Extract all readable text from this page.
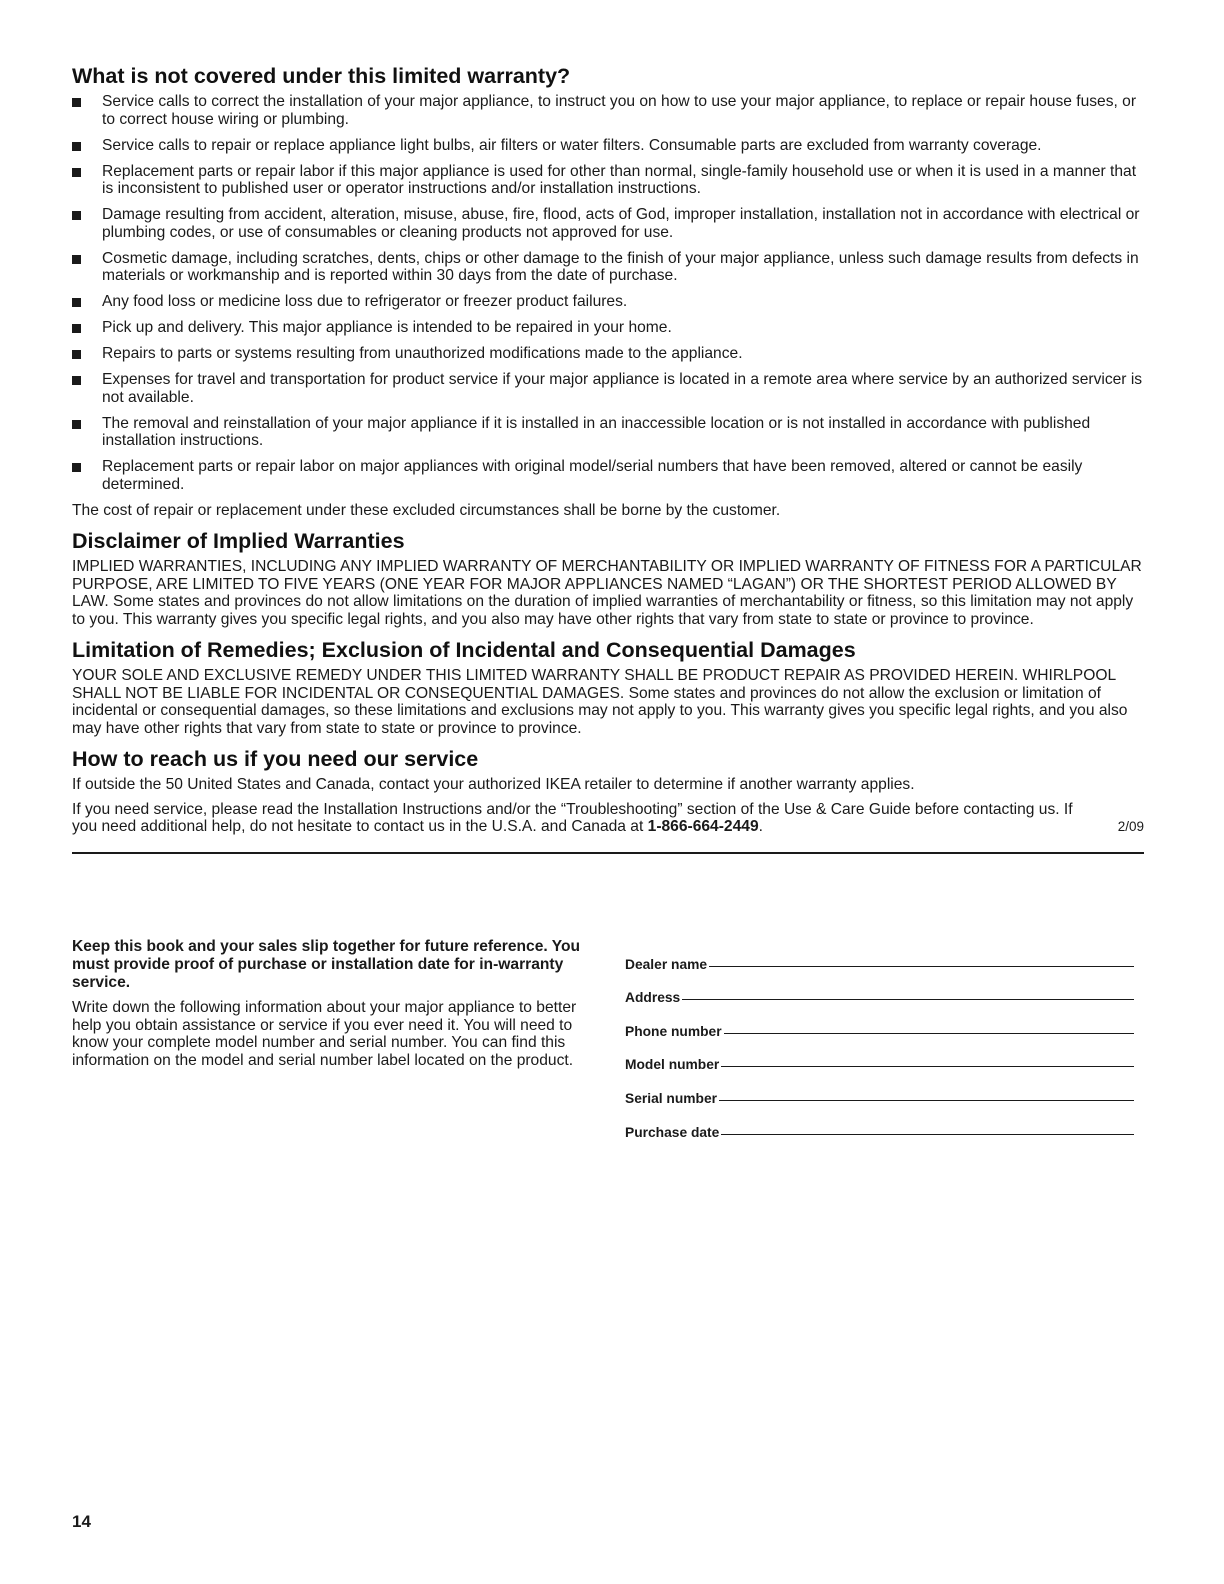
What is not covered under this limited warranty?
Service calls to correct the installation of your major appliance, to instruct you on how to use your major appliance, to replace or repair house fuses, or to correct house wiring or plumbing.
Service calls to repair or replace appliance light bulbs, air filters or water filters. Consumable parts are excluded from warranty coverage.
Replacement parts or repair labor if this major appliance is used for other than normal, single-family household use or when it is used in a manner that is inconsistent to published user or operator instructions and/or installation instructions.
Damage resulting from accident, alteration, misuse, abuse, fire, flood, acts of God, improper installation, installation not in accordance with electrical or plumbing codes, or use of consumables or cleaning products not approved for use.
Cosmetic damage, including scratches, dents, chips or other damage to the finish of your major appliance, unless such damage results from defects in materials or workmanship and is reported within 30 days from the date of purchase.
Any food loss or medicine loss due to refrigerator or freezer product failures.
Pick up and delivery. This major appliance is intended to be repaired in your home.
Repairs to parts or systems resulting from unauthorized modifications made to the appliance.
Expenses for travel and transportation for product service if your major appliance is located in a remote area where service by an authorized servicer is not available.
The removal and reinstallation of your major appliance if it is installed in an inaccessible location or is not installed in accordance with published installation instructions.
Replacement parts or repair labor on major appliances with original model/serial numbers that have been removed, altered or cannot be easily determined.

The cost of repair or replacement under these excluded circumstances shall be borne by the customer.

Disclaimer of Implied Warranties

IMPLIED WARRANTIES, INCLUDING ANY IMPLIED WARRANTY OF MERCHANTABILITY OR IMPLIED WARRANTY OF FITNESS FOR A PARTICULAR PURPOSE, ARE LIMITED TO FIVE YEARS (ONE YEAR FOR MAJOR APPLIANCES NAMED “LAGAN”) OR THE SHORTEST PERIOD ALLOWED BY LAW. Some states and provinces do not allow limitations on the duration of implied warranties of merchantability or fitness, so this limitation may not apply to you. This warranty gives you specific legal rights, and you also may have other rights that vary from state to state or province to province.

Limitation of Remedies; Exclusion of Incidental and Consequential Damages

YOUR SOLE AND EXCLUSIVE REMEDY UNDER THIS LIMITED WARRANTY SHALL BE PRODUCT REPAIR AS PROVIDED HEREIN. WHIRLPOOL SHALL NOT BE LIABLE FOR INCIDENTAL OR CONSEQUENTIAL DAMAGES. Some states and provinces do not allow the exclusion or limitation of incidental or consequential damages, so these limitations and exclusions may not apply to you. This warranty gives you specific legal rights, and you also may have other rights that vary from state to state or province to province.

How to reach us if you need our service

If outside the 50 United States and Canada, contact your authorized IKEA retailer to determine if another warranty applies.

If you need service, please read the Installation Instructions and/or the “Troubleshooting” section of the Use & Care Guide before contacting us. If you need additional help, do not hesitate to contact us in the U.S.A. and Canada at 1-866-664-2449.	2/09

Keep this book and your sales slip together for future reference. You must provide proof of purchase or installation date for in-warranty service.
Write down the following information about your major appliance to better help you obtain assistance or service if you ever need it. You will need to know your complete model number and serial number. You can find this information on the model and serial number label located on the product.
Dealer name
Address
Phone number
Model number
Serial number
Purchase date
14
